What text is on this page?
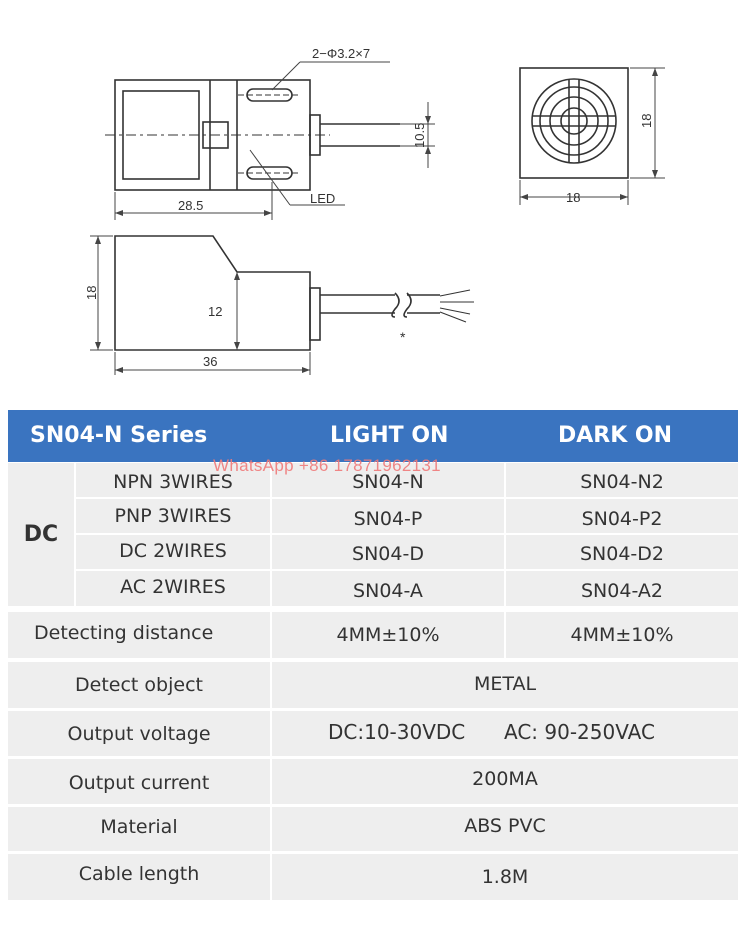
2−Φ3.2×7
LED
28.5
10.5
18
18
*
18
12
36
SN04-N Series	LIGHT ON	DARK ON
DC
NPN 3WIRES	SN04-N	SN04-N2
PNP 3WIRES	SN04-P	SN04-P2
DC 2WIRES	SN04-D	SN04-D2
AC 2WIRES	SN04-A	SN04-A2
Detecting distance	4MM±10%	4MM±10%
Detect object	METAL
Output voltage	DC:10-30VDC AC: 90-250VAC
Output current	200MA
Material	ABS PVC
Cable length	1.8M
WhatsApp +86 17871962131
